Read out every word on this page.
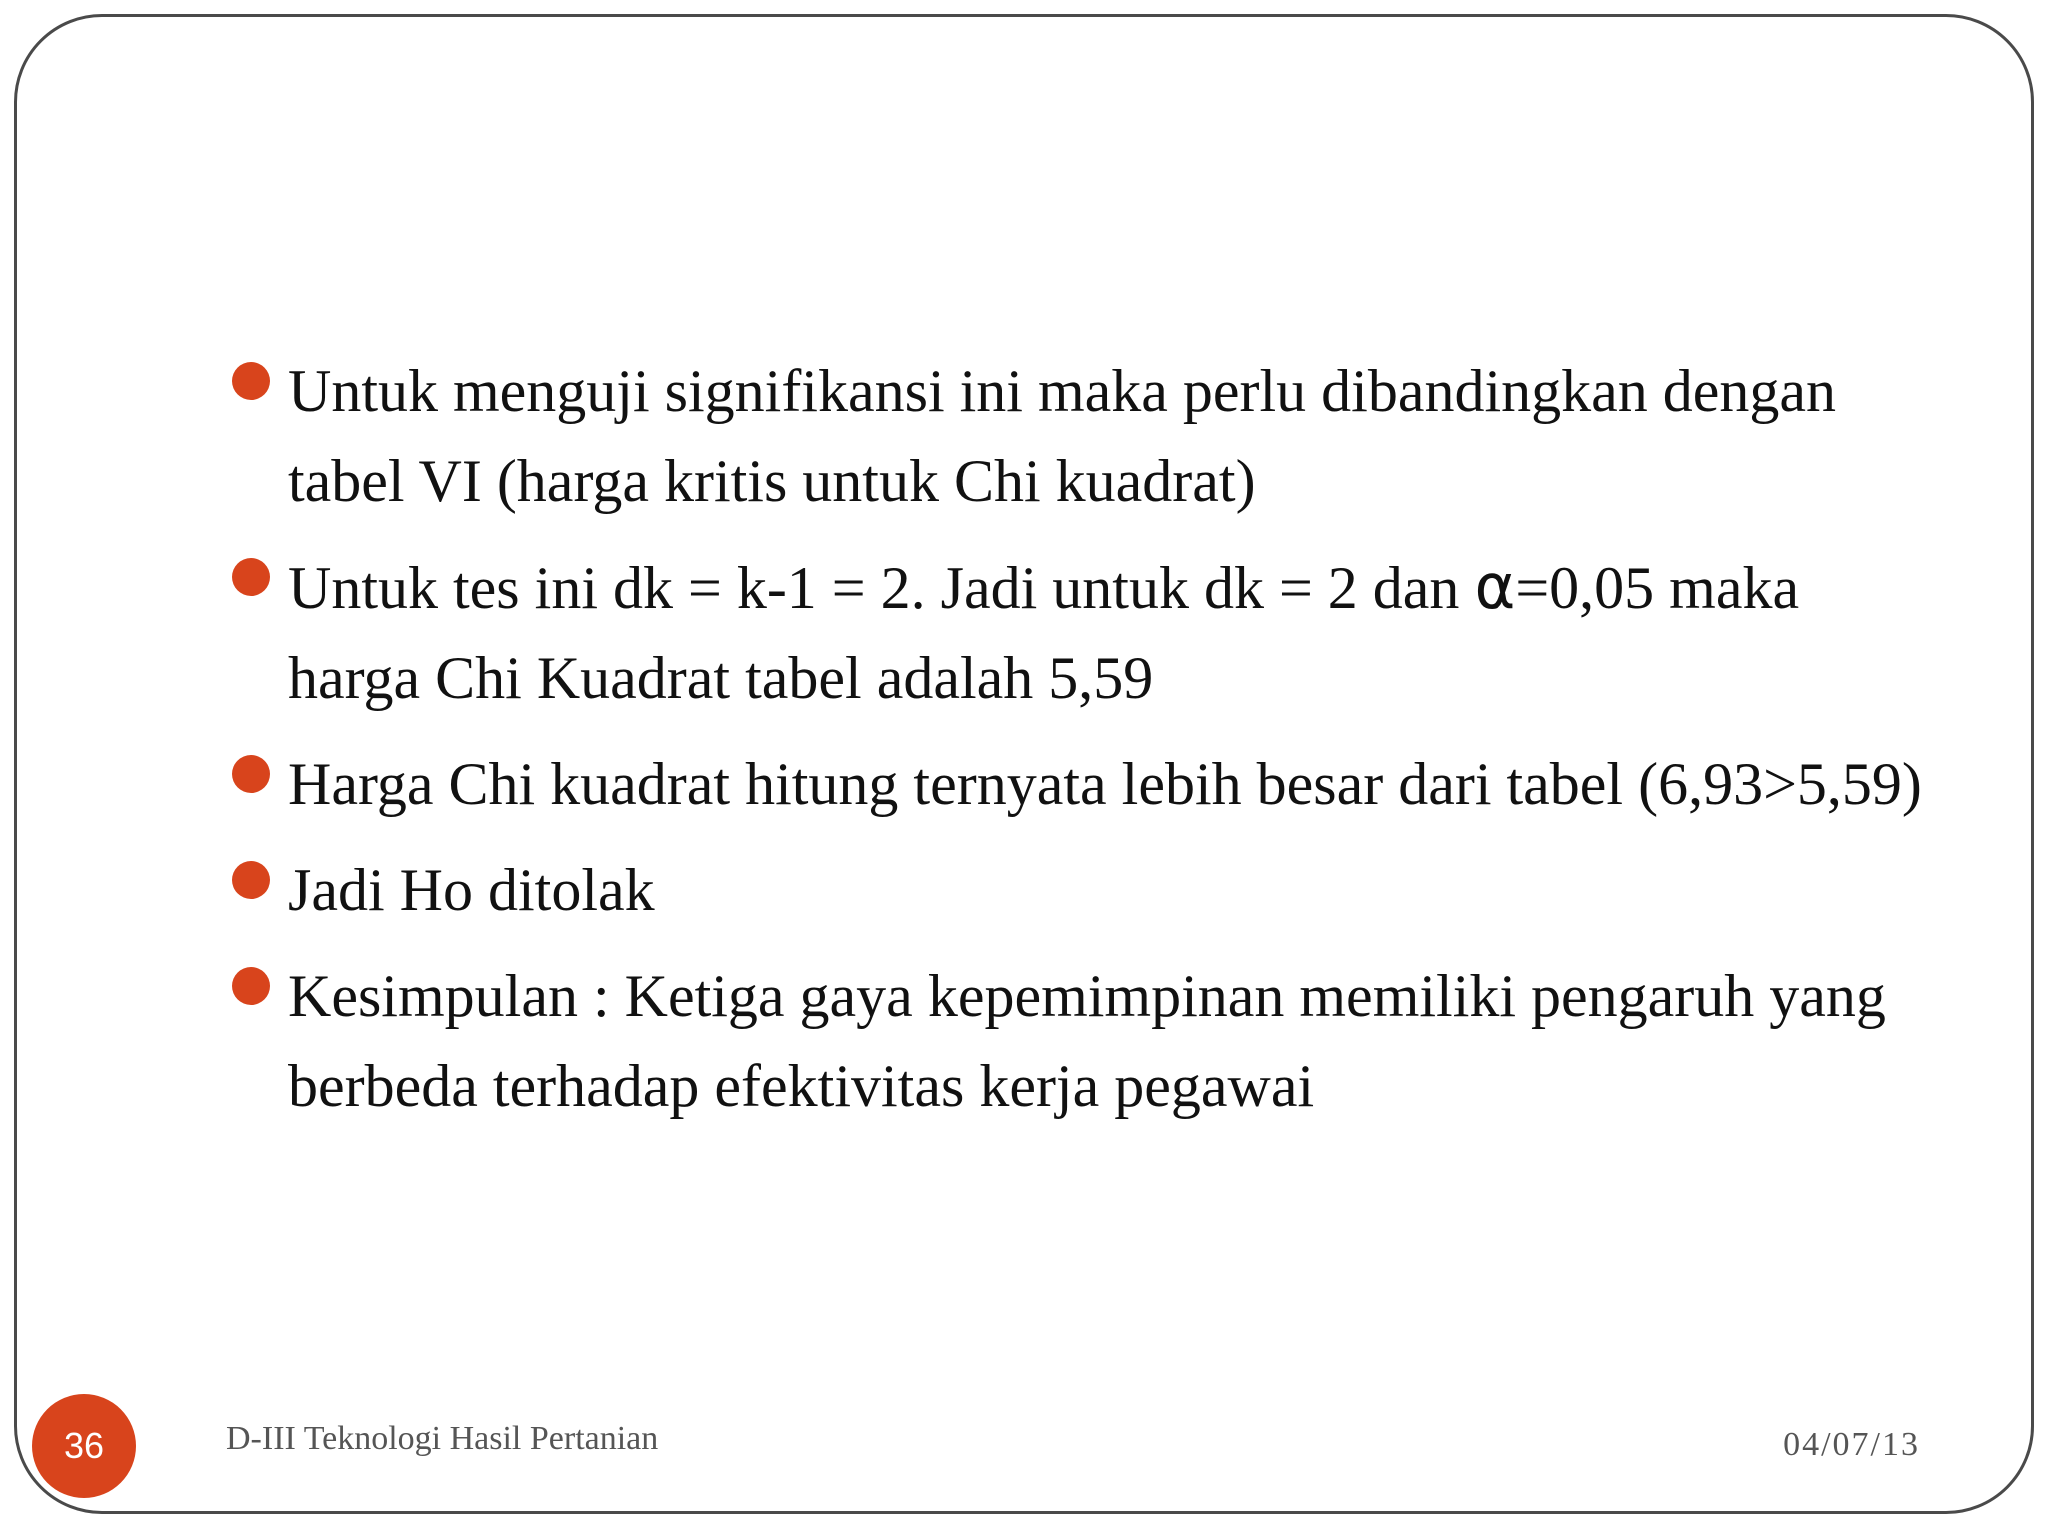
Untuk menguji signifikansi ini maka perlu dibandingkan dengan tabel VI (harga kritis untuk Chi kuadrat)
Untuk tes ini dk = k-1 = 2. Jadi untuk dk = 2 dan α=0,05 maka harga Chi Kuadrat tabel adalah 5,59
Harga Chi kuadrat hitung ternyata lebih besar dari tabel (6,93>5,59)
Jadi Ho ditolak
Kesimpulan : Ketiga gaya kepemimpinan memiliki pengaruh yang berbeda terhadap efektivitas kerja pegawai
36	D-III Teknologi Hasil Pertanian	04/07/13
